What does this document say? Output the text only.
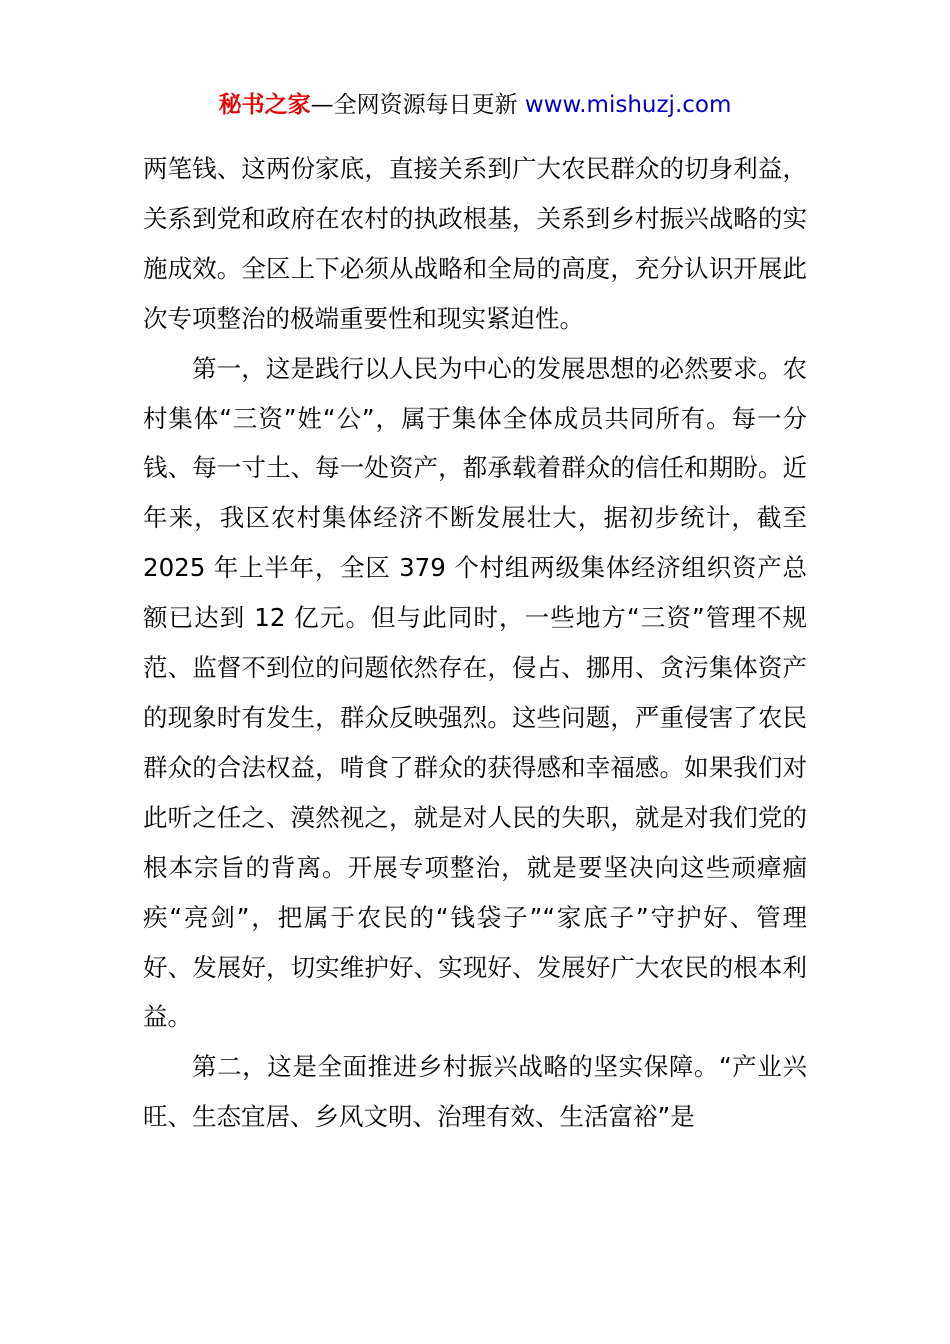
秘书之家—全网资源每日更新 www.mishuzj.com

两笔钱、这两份家底，直接关系到广大农民群众的切身利益，关系到党和政府在农村的执政根基，关系到乡村振兴战略的实施成效。全区上下必须从战略和全局的高度，充分认识开展此次专项整治的极端重要性和现实紧迫性。

第一，这是践行以人民为中心的发展思想的必然要求。农村集体“三资”姓“公”，属于集体全体成员共同所有。每一分钱、每一寸土、每一处资产，都承载着群众的信任和期盼。近年来，我区农村集体经济不断发展壮大，据初步统计，截至 2025 年上半年，全区 379 个村组两级集体经济组织资产总额已达到 12 亿元。但与此同时，一些地方“三资”管理不规范、监督不到位的问题依然存在，侵占、挪用、贪污集体资产的现象时有发生，群众反映强烈。这些问题，严重侵害了农民群众的合法权益，啃食了群众的获得感和幸福感。如果我们对此听之任之、漠然视之，就是对人民的失职，就是对我们党的根本宗旨的背离。开展专项整治，就是要坚决向这些顽瘴痼疾“亮剑”，把属于农民的“钱袋子”“家底子”守护好、管理好、发展好，切实维护好、实现好、发展好广大农民的根本利益。

第二，这是全面推进乡村振兴战略的坚实保障。“产业兴旺、生态宜居、乡风文明、治理有效、生活富裕”是
